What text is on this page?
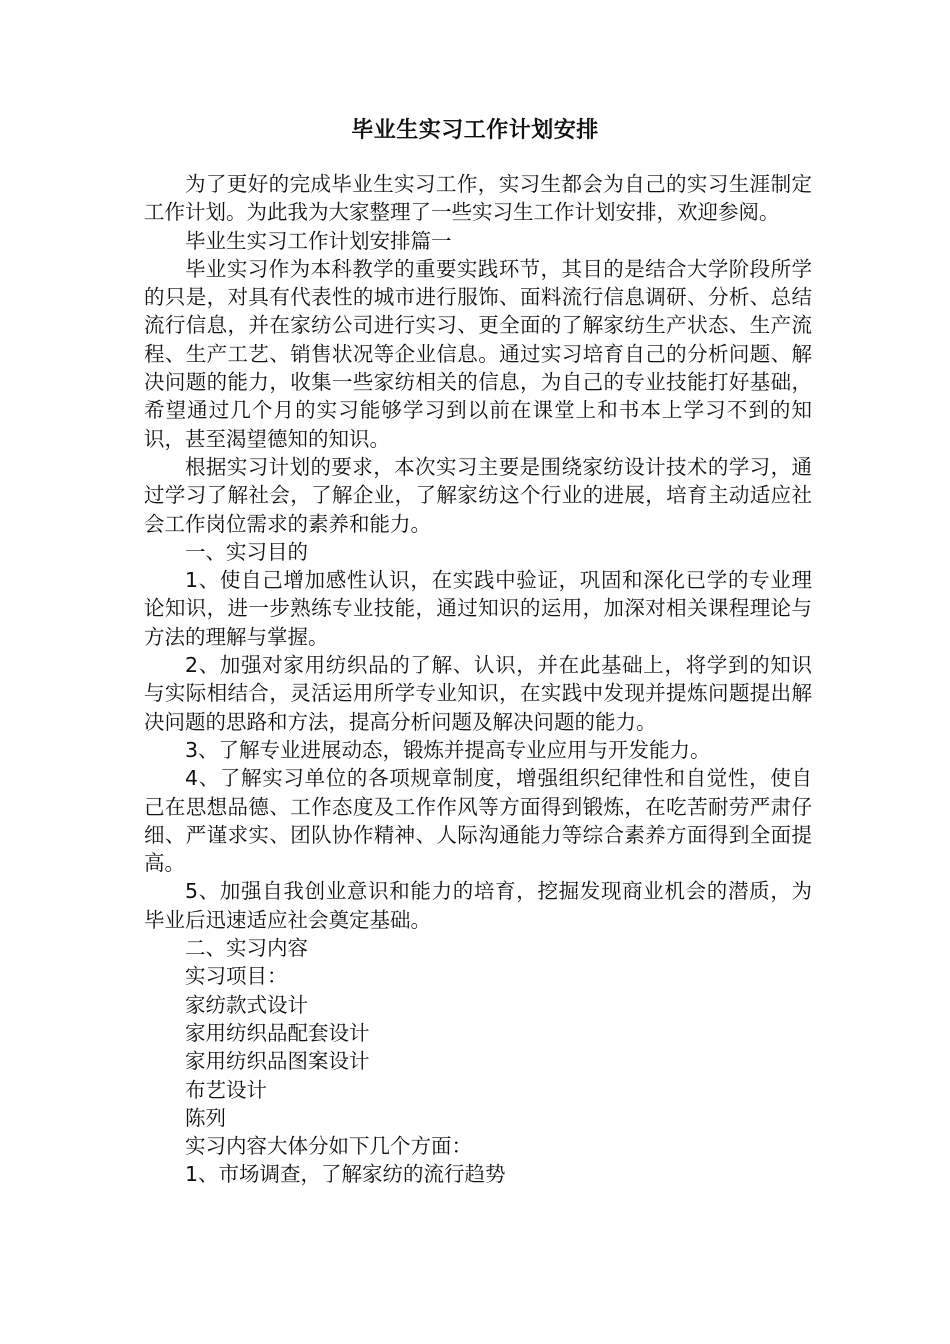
毕业生实习工作计划安排

为了更好的完成毕业生实习工作，实习生都会为自己的实习生涯制定工作计划。为此我为大家整理了一些实习生工作计划安排，欢迎参阅。

毕业生实习工作计划安排篇一

毕业实习作为本科教学的重要实践环节，其目的是结合大学阶段所学的只是，对具有代表性的城市进行服饰、面料流行信息调研、分析、总结流行信息，并在家纺公司进行实习、更全面的了解家纺生产状态、生产流程、生产工艺、销售状况等企业信息。通过实习培育自己的分析问题、解决问题的能力，收集一些家纺相关的信息，为自己的专业技能打好基础，希望通过几个月的实习能够学习到以前在课堂上和书本上学习不到的知识，甚至渴望德知的知识。

根据实习计划的要求，本次实习主要是围绕家纺设计技术的学习，通过学习了解社会，了解企业，了解家纺这个行业的进展，培育主动适应社会工作岗位需求的素养和能力。

一、实习目的

1、使自己增加感性认识，在实践中验证，巩固和深化已学的专业理论知识，进一步熟练专业技能，通过知识的运用，加深对相关课程理论与方法的理解与掌握。

2、加强对家用纺织品的了解、认识，并在此基础上，将学到的知识与实际相结合，灵活运用所学专业知识，在实践中发现并提炼问题提出解决问题的思路和方法，提高分析问题及解决问题的能力。

3、了解专业进展动态，锻炼并提高专业应用与开发能力。

4、了解实习单位的各项规章制度，增强组织纪律性和自觉性，使自己在思想品德、工作态度及工作作风等方面得到锻炼，在吃苦耐劳严肃仔细、严谨求实、团队协作精神、人际沟通能力等综合素养方面得到全面提高。

5、加强自我创业意识和能力的培育，挖掘发现商业机会的潜质，为毕业后迅速适应社会奠定基础。

二、实习内容

实习项目：

家纺款式设计

家用纺织品配套设计

家用纺织品图案设计

布艺设计

陈列

实习内容大体分如下几个方面：

1、市场调查，了解家纺的流行趋势
